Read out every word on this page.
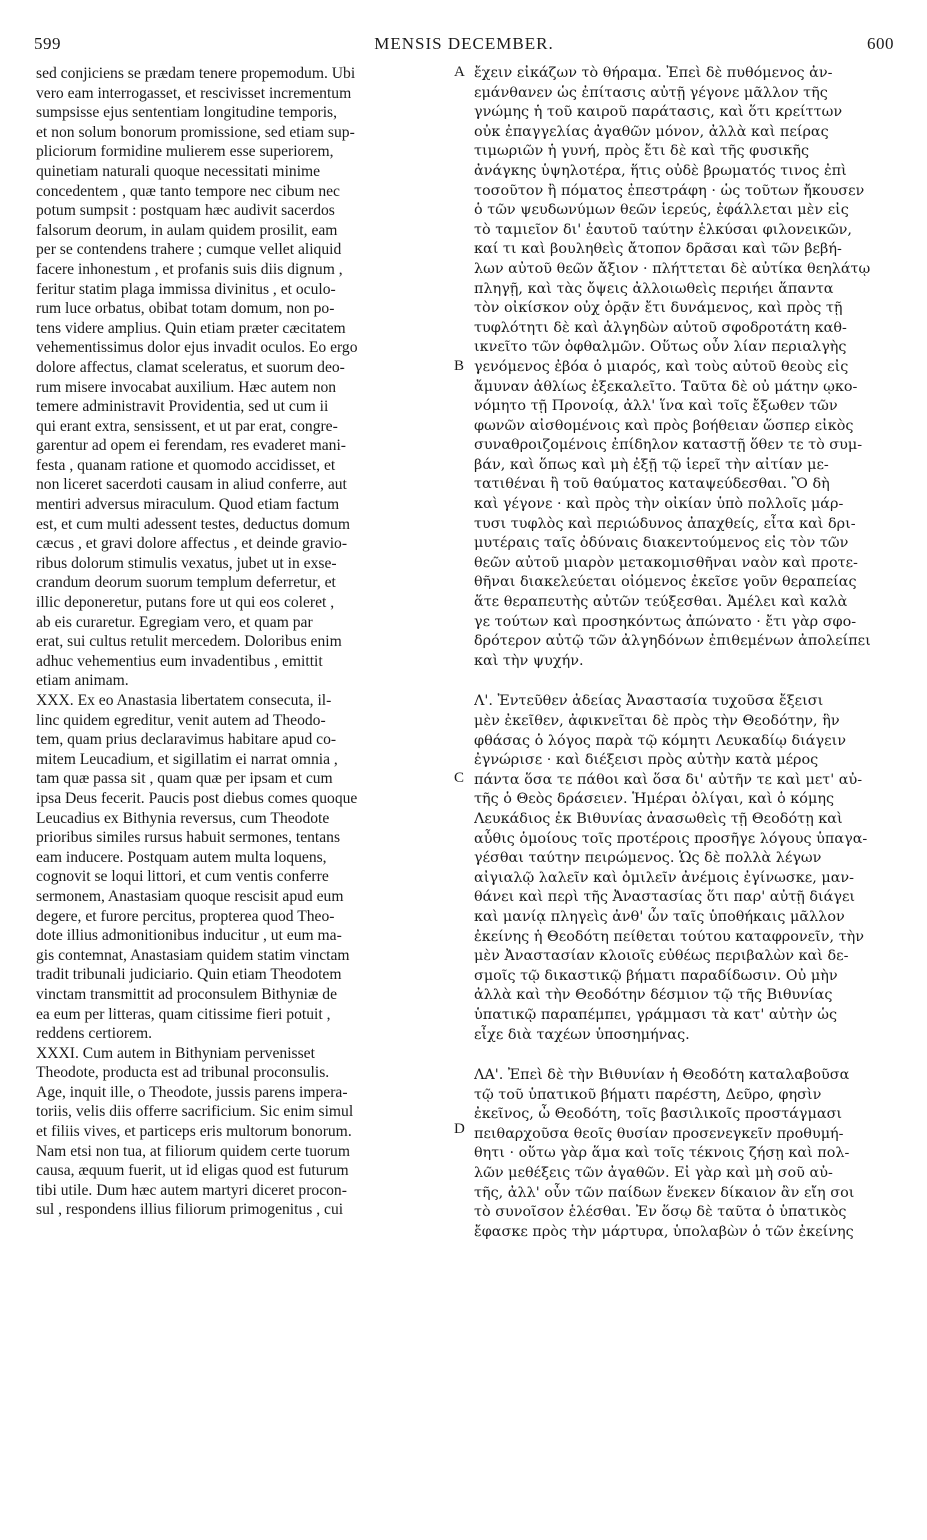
MENSIS DECEMBER.
599	600
sed conjiciens se prædam tenere propemodum. Ubi
vero eam interrogasset, et rescivisset incrementum
sumpsisse ejus sententiam longitudine temporis,
et non solum bonorum promissione, sed etiam sup-
pliciorum formidine mulierem esse superiorem,
quinetiam naturali quoque necessitati minime
concedentem , quæ tanto tempore nec cibum nec
potum sumpsit : postquam hæc audivit sacerdos
falsorum deorum, in aulam quidem prosilit, eam
per se contendens trahere ; cumque vellet aliquid
facere inhonestum , et profanis suis diis dignum ,
feritur statim plaga immissa divinitus , et oculo-
rum luce orbatus, obibat totam domum, non po-
tens videre amplius. Quin etiam præter cæcitatem
vehementissimus dolor ejus invadit oculos. Eo ergo
dolore affectus, clamat sceleratus, et suorum deo-
rum misere invocabat auxilium. Hæc autem non
temere administravit Providentia, sed ut cum ii
qui erant extra, sensissent, et ut par erat, congre-
garentur ad opem ei ferendam, res evaderet mani-
festa , quanam ratione et quomodo accidisset, et
non liceret sacerdoti causam in aliud conferre, aut
mentiri adversus miraculum. Quod etiam factum
est, et cum multi adessent testes, deductus domum
cæcus , et gravi dolore affectus , et deinde gravio-
ribus dolorum stimulis vexatus, jubet ut in exse-
crandum deorum suorum templum deferretur, et
illic deponeretur, putans fore ut qui eos coleret ,
ab eis curaretur. Egregiam vero, et quam par
erat, sui cultus retulit mercedem. Doloribus enim
adhuc vehementius eum invadentibus , emittit
etiam animam.
XXX. Ex eo Anastasia libertatem consecuta, il-
linc quidem egreditur, venit autem ad Theodo-
tem, quam prius declaravimus habitare apud co-
mitem Leucadium, et sigillatim ei narrat omnia ,
tam quæ passa sit , quam quæ per ipsam et cum
ipsa Deus fecerit. Paucis post diebus comes quoque
Leucadius ex Bithynia reversus, cum Theodote
prioribus similes rursus habuit sermones, tentans
eam inducere. Postquam autem multa loquens,
cognovit se loqui littori, et cum ventis conferre
sermonem, Anastasiam quoque rescisit apud eum
degere, et furore percitus, propterea quod Theo-
dote illius admonitionibus inducitur , ut eum ma-
gis contemnat, Anastasiam quidem statim vinctam
tradit tribunali judiciario. Quin etiam Theodotem
vinctam transmittit ad proconsulem Bithyniæ de
ea eum per litteras, quam citissime fieri potuit ,
reddens certiorem.
XXXI. Cum autem in Bithyniam pervenisset
Theodote, producta est ad tribunal proconsulis.
Age, inquit ille, o Theodote, jussis parens impera-
toriis, velis diis offerre sacrificium. Sic enim simul
et filiis vives, et particeps eris multorum bonorum.
Nam etsi non tua, at filiorum quidem certe tuorum
causa, æquum fuerit, ut id eligas quod est futurum
tibi utile. Dum hæc autem martyri diceret procon-
sul , respondens illius filiorum primogenitus , cui
ἔχειν εἰκάζων τὸ θήραμα. Ἐπεὶ δὲ πυθόμενος ἀν-
εμάνθανεν ὡς ἐπίτασις αὐτῇ γέγονε μᾶλλον τῆς
γνώμης ἡ τοῦ καιροῦ παράτασις, καὶ ὅτι κρείττων
οὐκ ἐπαγγελίας ἀγαθῶν μόνον, ἀλλὰ καὶ πείρας
τιμωριῶν ἡ γυνή, πρὸς ἔτι δὲ καὶ τῆς φυσικῆς
ἀνάγκης ὑψηλοτέρα, ἥτις οὐδὲ βρωματός τινος ἐπὶ
τοσοῦτον ἢ πόματος ἐπεστράφη · ὡς τοῦτων ἤκουσεν
ὁ τῶν ψευδωνύμων θεῶν ἱερεύς, ἐφάλλεται μὲν εἰς
τὸ ταμιεῖον δι' ἑαυτοῦ ταύτην ἑλκύσαι φιλονεικῶν,
καί τι καὶ βουληθεὶς ἄτοπον δρᾶσαι καὶ τῶν βεβή-
λων αὐτοῦ θεῶν ἄξιον · πλήττεται δὲ αὐτίκα θεηλάτῳ
πληγῇ, καὶ τὰς ὄψεις ἀλλοιωθεὶς περιήει ἅπαντα
τὸν οἰκίσκον οὐχ ὁρᾷν ἔτι δυνάμενος, καὶ πρὸς τῇ
τυφλότητι δὲ καὶ ἀλγηδὼν αὐτοῦ σφοδροτάτη καθ-
ικνεῖτο τῶν ὀφθαλμῶν. Οὕτως οὖν λίαν περιαλγὴς
γενόμενος ἐβόα ὁ μιαρός, καὶ τοὺς αὐτοῦ θεοὺς εἰς
ἄμυναν ἀθλίως ἐξεκαλεῖτο. Ταῦτα δὲ οὐ μάτην ῳκο-
νόμητο τῇ Προνοίᾳ, ἀλλ' ἵνα καὶ τοῖς ἔξωθεν τῶν
φωνῶν αἰσθομένοις καὶ πρὸς βοήθειαν ὥσπερ εἰκὸς
συναθροιζομένοις ἐπίδηλον καταστῇ ὅθεν τε τὸ συμ-
βάν, καὶ ὅπως καὶ μὴ ἐξῇ τῷ ἱερεῖ τὴν αἰτίαν με-
τατιθέναι ἢ τοῦ θαύματος καταψεύδεσθαι. Ὃ δὴ
καὶ γέγονε · καὶ πρὸς τὴν οἰκίαν ὑπὸ πολλοῖς μάρ-
τυσι τυφλὸς καὶ περιώδυνος ἀπαχθείς, εἶτα καὶ δρι-
μυτέραις ταῖς ὀδύναις διακεντούμενος εἰς τὸν τῶν
θεῶν αὐτοῦ μιαρὸν μετακομισθῆναι ναὸν καὶ προτε-
θῆναι διακελεύεται οἰόμενος ἐκεῖσε γοῦν θεραπείας
ἅτε θεραπευτὴς αὐτῶν τεύξεσθαι. Ἀμέλει καὶ καλὰ
γε τούτων καὶ προσηκόντως ἀπώνατο · ἔτι γὰρ σφο-
δρότερον αὐτῷ τῶν ἀλγηδόνων ἐπιθεμένων ἀπολείπει
καὶ τὴν ψυχήν.
Λ'. Ἐντεῦθεν ἀδείας Ἀναστασία τυχοῦσα ἔξεισι
μὲν ἐκεῖθεν, ἀφικνεῖται δὲ πρὸς τὴν Θεοδότην, ἣν
φθάσας ὁ λόγος παρὰ τῷ κόμητι Λευκαδίῳ διάγειν
ἐγνώρισε · καὶ διέξεισι πρὸς αὐτὴν κατὰ μέρος
πάντα ὅσα τε πάθοι καὶ ὅσα δι' αὐτῆν τε καὶ μετ' αὐ-
τῆς ὁ Θεὸς δράσειεν. Ἡμέραι ὀλίγαι, καὶ ὁ κόμης
Λευκάδιος ἐκ Βιθυνίας ἀνασωθεὶς τῇ Θεοδότῃ καὶ
αὖθις ὁμοίους τοῖς προτέροις προσῆγε λόγους ὑπαγα-
γέσθαι ταύτην πειρώμενος. Ὡς δὲ πολλὰ λέγων
αἰγιαλῷ λαλεῖν καὶ ὁμιλεῖν ἀνέμοις ἐγίνωσκε, μαν-
θάνει καὶ περὶ τῆς Ἀναστασίας ὅτι παρ' αὐτῇ διάγει
καὶ μανίᾳ πληγεὶς ἀνθ' ὧν ταῖς ὑποθήκαις μᾶλλον
ἐκείνης ἡ Θεοδότη πείθεται τούτου καταφρονεῖν, τὴν
μὲν Ἀναστασίαν κλοιοῖς εὐθέως περιβαλὼν καὶ δε-
σμοῖς τῷ δικαστικῷ βήματι παραδίδωσιν. Οὐ μὴν
ἀλλὰ καὶ τὴν Θεοδότην δέσμιον τῷ τῆς Βιθυνίας
ὑπατικῷ παραπέμπει, γράμμασι τὰ κατ' αὐτὴν ὡς
εἶχε διὰ ταχέων ὑποσημήνας.
ΛΑ'. Ἐπεὶ δὲ τὴν Βιθυνίαν ἡ Θεοδότη καταλαβοῦσα
τῷ τοῦ ὑπατικοῦ βήματι παρέστη, Δεῦρο, φησὶν
ἐκεῖνος, ὦ Θεοδότη, τοῖς βασιλικοῖς προστάγμασι
πειθαρχοῦσα θεοῖς θυσίαν προσενεγκεῖν προθυμή-
θητι · οὕτω γὰρ ἅμα καὶ τοῖς τέκνοις ζήσῃ καὶ πολ-
λῶν μεθέξεις τῶν ἀγαθῶν. Εἰ γὰρ καὶ μὴ σοῦ αὐ-
τῆς, ἀλλ' οὖν τῶν παίδων ἕνεκεν δίκαιον ἂν εἴη σοι
τὸ συνοῖσον ἑλέσθαι. Ἐν ὅσῳ δὲ ταῦτα ὁ ὑπατικὸς
ἔφασκε πρὸς τὴν μάρτυρα, ὑπολαβὼν ὁ τῶν ἐκείνης
A
B
C
D
